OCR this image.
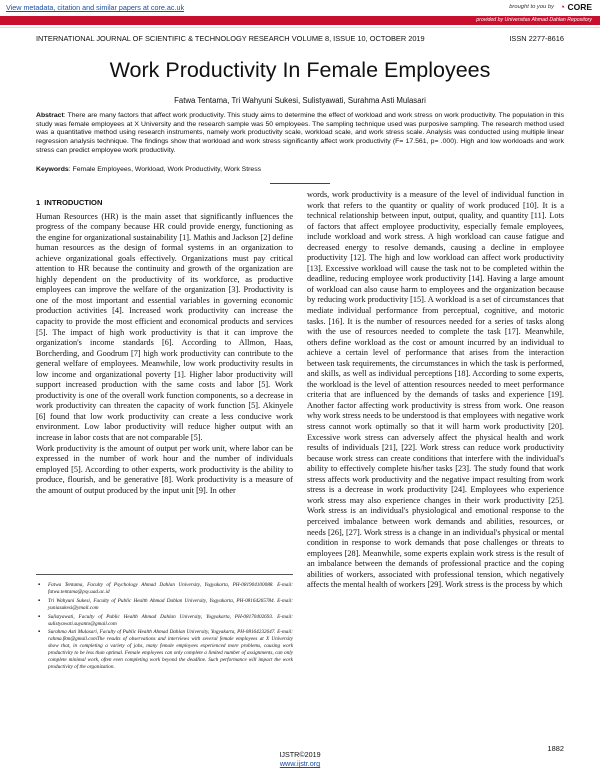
View metadata, citation and similar papers at core.ac.uk	brought to you by ◔ CORE
provided by Universitas Ahmad Dahlan Repository
INTERNATIONAL JOURNAL OF SCIENTIFIC & TECHNOLOGY RESEARCH VOLUME 8, ISSUE 10, OCTOBER 2019	ISSN 2277-8616
Work Productivity In Female Employees
Fatwa Tentama, Tri Wahyuni Sukesi, Sulistyawati, Surahma Asti Mulasari
Abstract: There are many factors that affect work productivity. This study aims to determine the effect of workload and work stress on work productivity. The population in this study was female employees at X University and the research sample was 50 employees. The sampling technique used was purposive sampling. The research method used was a quantitative method using research instruments, namely work productivity scale, workload scale, and work stress scale. Analysis was conducted using multiple linear regression analysis technique. The findings show that workload and work stress significantly affect work productivity (F= 17.561, p= .000). High and low workloads and work stress can predict employee work productivity.
Keywords: Female Employees, Workload, Work Productivity, Work Stress
1 INTRODUCTION

Human Resources (HR) is the main asset that significantly influences the progress of the company because HR could provide energy, functioning as the engine for organizational sustainability [1]. Mathis and Jackson [2] define human resources as the design of formal systems in an organization to achieve organizational goals effectively. Organizations must pay critical attention to HR because the continuity and growth of the organization are highly dependent on the productivity of its workforce, as productive employees can improve the welfare of the organization [3]. Productivity is one of the most important and essential variables in governing economic production activities [4]. Increased work productivity can increase the capacity to provide the most efficient and economical products and services [5]. The impact of high work productivity is that it can improve the organization's income standards [6]. According to Allmon, Haas, Borcherding, and Goodrum [7] high work productivity can contribute to the general welfare of employees. Meanwhile, low work productivity results in low income and organizational poverty [1]. Higher labor productivity will support increased production with the same costs and labor [5]. Work productivity is one of the overall work function components, so a decrease in work productivity can threaten the capacity of work function [5]. Akinyele [6] found that low work productivity can create a less conducive work environment. Low labor productivity will reduce higher output with an increase in labor costs that are not comparable [5].

Work productivity is the amount of output per work unit, where labor can be expressed in the number of work hour and the number of individuals employed [5]. According to other experts, work productivity is the ability to produce, flourish, and be generative [8]. Work productivity is a measure of the amount of output produced by the input unit [9]. In other

words, work productivity is a measure of the level of individual function in work that refers to the quantity or quality of work produced [10]. It is a technical relationship between input, output, quality, and quantity [11]. Lots of factors that affect employee productivity, especially female employees, include workload and work stress. A high workload can cause fatigue and decreased energy to resolve demands, causing a decline in employee productivity [12]. The high and low workload can affect work productivity [13]. Excessive workload will cause the task not to be completed within the deadline, reducing employee work productivity [14]. Having a large amount of workload can also cause harm to employees and the organization because by reducing work productivity [15]. A workload is a set of circumstances that mediate individual performance from perceptual, cognitive, and motoric tasks. [16]. It is the number of resources needed for a series of tasks along with the use of resources needed to complete the task [17]. Meanwhile, others define workload as the cost or amount incurred by an individual to achieve a certain level of performance that arises from the interaction between task requirements, the circumstances in which the task is performed, and skills, as well as individual perceptions [18]. According to some experts, the workload is the level of attention resources needed to meet performance criteria that are influenced by the demands of tasks and experience [19]. Another factor affecting work productivity is stress from work. One reason why work stress needs to be understood is that employees with negative work stress cannot work optimally so that it will harm work productivity [20]. Excessive work stress can adversely affect the physical health and work results of individuals [21], [22]. Work stress can reduce work productivity because work stress can create conditions that interfere with the individual's ability to effectively complete his/her tasks [23]. The study found that work stress affects work productivity and the negative impact resulting from work stress is a decrease in work productivity [24]. Employees who experience work stress may also experience changes in their work productivity [25]. Work stress is an individual's physiological and emotional response to the perceived imbalance between work demands and abilities, resources, or needs [26], [27]. Work stress is a change in an individual's physical or mental condition in response to work demands that pose challenges or threats to employees [28]. Meanwhile, some experts explain work stress is the result of an imbalance between the demands of professional practice and the coping abilities of workers, associated with professional tension, which negatively affects the mental health of workers [29]. Work stress is the process by which

▪ Fatwa Tentama, Faculty of Psychology Ahmad Dahlan University, Yogyakarta, PH-081904100088. E-mail: fatwa.tentama@psy.uad.ac.id
▪ Tri Wahyuni Sukesi, Faculty of Public Health Ahmad Dahlan University, Yogyakarta, PH-08164265784. E-mail: yuniasukesi@ymail.com
▪ Sulistyawati, Faculty of Public Health Ahmad Dahlan University, Yogyakarta, PH-08170402693. E-mail: sulistyawati.suyanto@gmail.com
▪ Surahma Asti Mulasari, Faculty of Public Health Ahmad Dahlan University, Yogyakarta, PH-08164232647. E-mail: rahma.fkm@gmail.comThe results of observations and interviews with several female employees at X University show that, in completing a variety of jobs, many female employees experienced more problems, causing work productivity to be less than optimal. Female employees can only complete a limited number of assignments, can only complete minimal work, often even completing work beyond the deadline. Such performance will impact the work productivity of the organization.
1882
IJSTR©2019
www.ijstr.org
